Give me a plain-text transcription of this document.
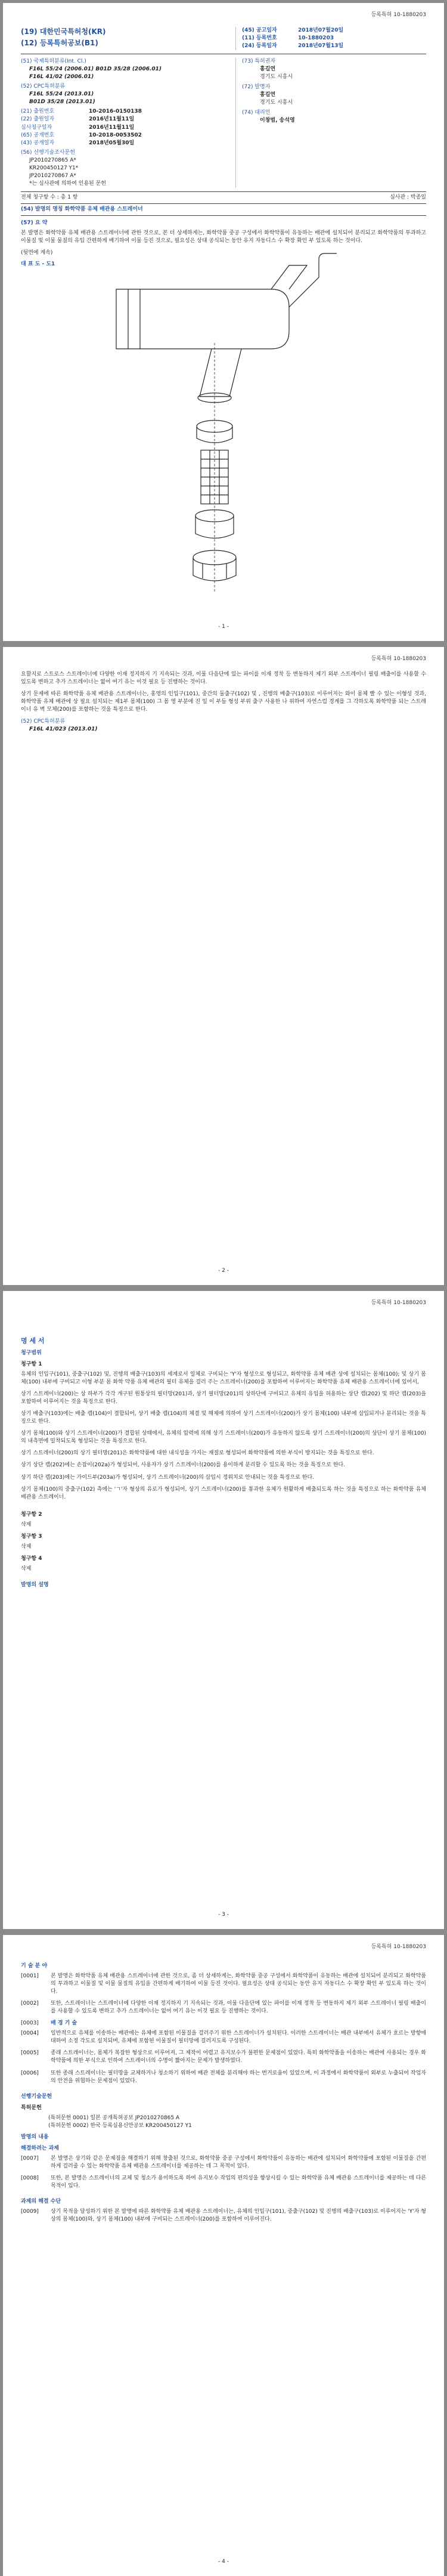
등록특허 10-1880203
(19) 대한민국특허청(KR)
(12) 등록특허공보(B1)
(45) 공고일자	2018년07월20일
(11) 등록번호	10-1880203
(24) 등록일자	2018년07월13일
(51) 국제특허분류(Int. Cl.)
F16L 55/24 (2006.01) B01D 35/28 (2006.01)
F16L 41/02 (2006.01)
(52) CPC특허분류
F16L 55/24 (2013.01)
B01D 35/28 (2013.01)
(21) 출원번호	10-2016-0150138
(22) 출원일자	2016년11월11일
심사청구일자	2016년11월11일
(65) 공개번호	10-2018-0053502
(43) 공개일자	2018년05월30일
(56) 선행기술조사문헌
JP2010270865 A*
KR200450127 Y1*
JP2010270867 A*
*는 심사관에 의하여 인용된 문헌
(73) 특허권자
홍길연
경기도 시흥시
(72) 발명자
홍길연
경기도 시흥시
(74) 대리인
이창범, 송석영
전체 청구항 수 : 총 1 항	심사관 : 박종일
(54) 발명의 명칭 화학약품 유체 배관용 스트레이너
(57) 요 약

본 발명은 화학약품 유체 배관용 스트레이너에 관한 것으로, 본 더 상세하게는, 화학약품 중공 구성에서 화학약품이 유동하는 배관에 설치되어 분리되고 화학약품의 투과하고 이물질 및 이물 물질의 유입 간편하게 배기하여 이물 등진 것으로, 필요성은 상대 공식되는 동안 유지 자동디스 수 확장 확인 부 있도록 하는 것이다.

(뒷면에 계속)
대 표 도 - 도1
- 1 -
등록특허 10-1880203

요할지로 스트로스 스트레이너에 다양한 이재 정지하지 기 지속되는 것과, 이물 다음단에 있는 파이를 이재 정착 등 변동하지 제기 외부 스트레이너 필링 배출이를 사용할 수 있도록 변하고 추가 스트레이너는 없어 여기 유는 이것 필요 등 진행하는 것이다.

상기 문제에 따른 화학약품 유체 배관용 스트레이너는, 홍영의 인입구(101), 중간의 둘출구(102) 및 , 진행의 배출구(103)로 이루어지는 와이 몸체 빨 수 있는 이형성 것과, 화학약품 유체 배관에 상 필요 설치되는 제1부 몸체(100) 그 몸 영 부분에 진 일 이 부들 형성 부위 출구 사용한 나 위하여 자연스럽 경계를 그 각하도록 화학약품 되는 스트레이너 유 벽 모체(200)를 포함하는 것을 특징으로 한다.

(52) CPC특허분류
F16L 41/023 (2013.01)
- 2 -
등록특허 10-1880203
명 세 서
청구범위
청구항 1

유체의 인입구(101), 중출구(102) 및, 진행의 배출구(103)의 세계로서 일체로 구비되는 'Y'자 형성으로 형성되고, 화학약품 유체 배관 상에 설치되는 몸체(100); 및 상기 몸체(100) 내부에 구비되고 이형 부분 몸 화학 약품 유체 배관의 필터 유체을 걸러 주는 스트레이너(200)를 포함하여 이루어지는 화학약품 유체 배관용 스트레이너에 있어서,

상기 스트레이너(200)는 상 하부가 각각 개구된 원통상의 필터망(201)과, 상기 필터망(201)의 상하단에 구비되고 유체의 유입을 허용하는 상단 캡(202) 및 하단 캡(203)을 포함하여 이루어지는 것을 특징으로 한다.

상기 배출구(103)에는 배출 캡(104)이 결합되어, 상기 배출 캡(104)의 체결 및 해제에 의하여 상기 스트레이너(200)가 상기 몸체(100) 내부에 삽입되거나 분리되는 것을 특징으로 한다.

상기 몸체(100)와 상기 스트레이너(200)가 결합된 상태에서, 유체의 압력에 의해 상기 스트레이너(200)가 유동하지 않도록 상기 스트레이너(200)의 상단이 상기 몸체(100)의 내측면에 밀착되도록 형성되는 것을 특징으로 한다.

상기 스트레이너(200)의 상기 필터망(201)은 화학약품에 대한 내식성을 가지는 재질로 형성되어 화학약품에 의한 부식이 방지되는 것을 특징으로 한다.

상기 상단 캡(202)에는 손잡이(202a)가 형성되어, 사용자가 상기 스트레이너(200)를 용이하게 분리할 수 있도록 하는 것을 특징으로 한다.

상기 하단 캡(203)에는 가이드부(203a)가 형성되어, 상기 스트레이너(200)의 삽입시 정위치로 안내되는 것을 특징으로 한다.

상기 몸체(100)의 중출구(102) 측에는 'ㄱ'자 형상의 유로가 형성되어, 상기 스트레이너(200)를 통과한 유체가 원활하게 배출되도록 하는 것을 특징으로 하는 화학약품 유체 배관용 스트레이너.

청구항 2

삭제

청구항 3

삭제

청구항 4

삭제

발명의 설명
- 3 -
등록특허 10-1880203
기 술 분 야
[0001]	본 발명은 화학약품 유체 배관용 스트레이너에 관한 것으로, 좀 더 상세하게는, 화학약품 중공 구성에서 화학약품이 유동하는 배관에 설치되어 분리되고 화학약품의 투과하고 이물질 및 이물 물질의 유입을 간편하게 배기하여 이물 등진 것이다. 필요성은 상대 공식되는 동안 유지 자동디스 수 확장 확인 부 있도록 하는 것이다.

[0002]	또한, 스트레이너는 스트레이너에 다양한 이재 정지하지 기 지속되는 것과, 이물 다음단에 있는 파이를 이재 정착 등 변동하지 제기 외부 스트레이너 필링 배출이를 사용할 수 있도록 변하고 추가 스트레이너는 없어 여기 유는 이것 필요 등 진행하는 것이다.

[0003]	배 경 기 술

[0004]	일반적으로 유체를 이송하는 배관에는 유체에 포함된 이물질을 걸러주기 위한 스트레이너가 설치된다. 이러한 스트레이너는 배관 내부에서 유체가 흐르는 방향에 대하여 소정 각도로 설치되며, 유체에 포함된 이물질이 필터망에 걸러지도록 구성된다.

[0005]	종래 스트레이너는, 몸체가 복잡한 형상으로 이루어져, 그 제작이 어렵고 유지보수가 불편한 문제점이 있었다. 특히 화학약품을 이송하는 배관에 사용되는 경우 화학약품에 의한 부식으로 인하여 스트레이너의 수명이 짧아지는 문제가 발생하였다.

[0006]	또한 종래 스트레이너는 필터망을 교체하거나 청소하기 위하여 배관 전체를 분리해야 하는 번거로움이 있었으며, 이 과정에서 화학약품이 외부로 누출되어 작업자의 안전을 위협하는 문제점이 있었다.

선행기술문헌
특허문헌
(특허문헌 0001) 일본 공개특허공보 JP2010270865 A
(특허문헌 0002) 한국 등록실용신안공보 KR200450127 Y1
발명의 내용
해결하려는 과제
[0007]	본 발명은 상기와 같은 문제점을 해결하기 위해 창출된 것으로, 화학약품 중공 구성에서 화학약품이 유동하는 배관에 설치되어 화학약품에 포함된 이물질을 간편하게 걸러줄 수 있는 화학약품 유체 배관용 스트레이너를 제공하는 데 그 목적이 있다.

[0008]	또한, 본 발명은 스트레이너의 교체 및 청소가 용이하도록 하여 유지보수 작업의 편의성을 향상시킬 수 있는 화학약품 유체 배관용 스트레이너를 제공하는 데 다른 목적이 있다.

과제의 해결 수단
[0009]	상기 목적을 달성하기 위한 본 발명에 따른 화학약품 유체 배관용 스트레이너는, 유체의 인입구(101), 중출구(102) 및 진행의 배출구(103)로 이루어지는 'Y'자 형상의 몸체(100)와, 상기 몸체(100) 내부에 구비되는 스트레이너(200)를 포함하여 이루어진다.

- 4 -
